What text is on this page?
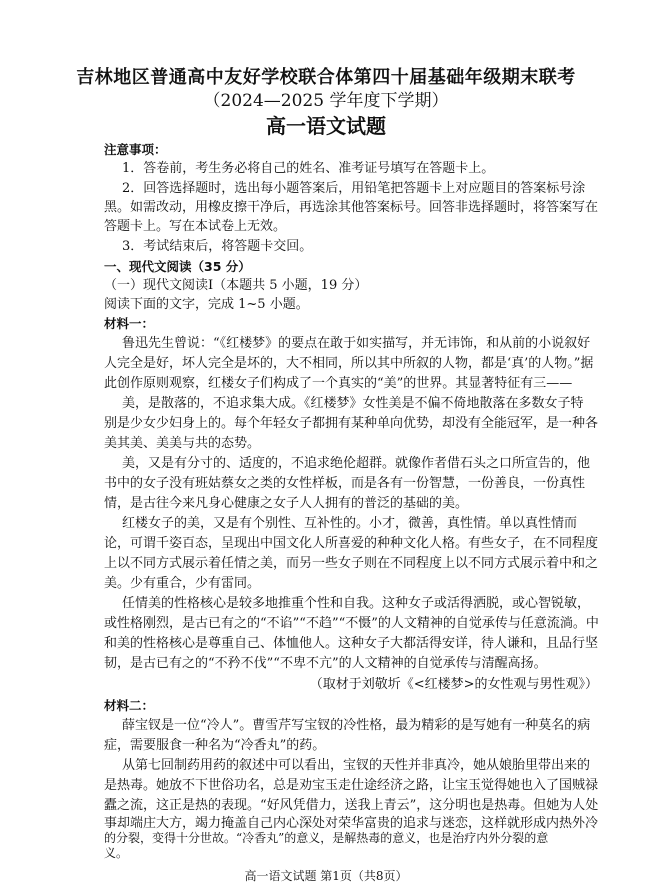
吉林地区普通高中友好学校联合体第四十届基础年级期末联考
（2024—2025 学年度下学期）
高一语文试题
注意事项：
1．答卷前，考生务必将自己的姓名、准考证号填写在答题卡上。
2．回答选择题时，选出每小题答案后，用铅笔把答题卡上对应题目的答案标号涂
黑。如需改动，用橡皮擦干净后，再选涂其他答案标号。回答非选择题时，将答案写在
答题卡上。写在本试卷上无效。
3．考试结束后，将答题卡交回。
一、现代文阅读（35 分）
（一）现代文阅读Ⅰ（本题共 5 小题，19 分）
阅读下面的文字，完成 1~5 小题。
材料一：
鲁迅先生曾说：“《红楼梦》的要点在敢于如实描写，并无讳饰，和从前的小说叙好
人完全是好，坏人完全是坏的，大不相同，所以其中所叙的人物，都是‘真’的人物。”据
此创作原则观察，红楼女子们构成了一个真实的“美”的世界。其显著特征有三——
美，是散落的，不追求集大成。《红楼梦》女性美是不偏不倚地散落在多数女子特
别是少女少妇身上的。每个年轻女子都拥有某种单向优势，却没有全能冠军，是一种各
美其美、美美与共的态势。
美，又是有分寸的、适度的，不追求绝伦超群。就像作者借石头之口所宣告的，他
书中的女子没有班姑蔡女之类的女性样板，而是各有一份智慧，一份善良，一份真性
情，是古往今来凡身心健康之女子人人拥有的普泛的基础的美。
红楼女子的美，又是有个别性、互补性的。小才，微善，真性情。单以真性情而
论，可谓千姿百态，呈现出中国文化人所喜爱的种种文化人格。有些女子，在不同程度
上以不同方式展示着任情之美，而另一些女子则在不同程度上以不同方式展示着中和之
美。少有重合，少有雷同。
任情美的性格核心是较多地推重个性和自我。这种女子或活得洒脱，或心智锐敏，
或性格刚烈，是古已有之的“不谄”“不趋”“不慑”的人文精神的自觉承传与任意流淌。中
和美的性格核心是尊重自己、体恤他人。这种女子大都活得安详，待人谦和，且品行坚
韧，是古已有之的“不矜不伐”“不卑不亢”的人文精神的自觉承传与清醒高扬。
（取材于刘敬圻《<红楼梦>的女性观与男性观》）
材料二：
薛宝钗是一位“冷人”。曹雪芹写宝钗的冷性格，最为精彩的是写她有一种莫名的病
症，需要服食一种名为“冷香丸”的药。
从第七回制药用药的叙述中可以看出，宝钗的天性并非真冷，她从娘胎里带出来的
是热毒。她放不下世俗功名，总是劝宝玉走仕途经济之路，让宝玉觉得她也入了国贼禄
蠹之流，这正是热的表现。“好风凭借力，送我上青云”，这分明也是热毒。但她为人处
事却端庄大方，竭力掩盖自己内心深处对荣华富贵的追求与迷恋，这样就形成内热外冷
高一语文试题 第1页（共8页）
的分裂，变得十分世故。“冷香丸”的意义，是解热毒的意义，也是治疗内外分裂的意
义。
